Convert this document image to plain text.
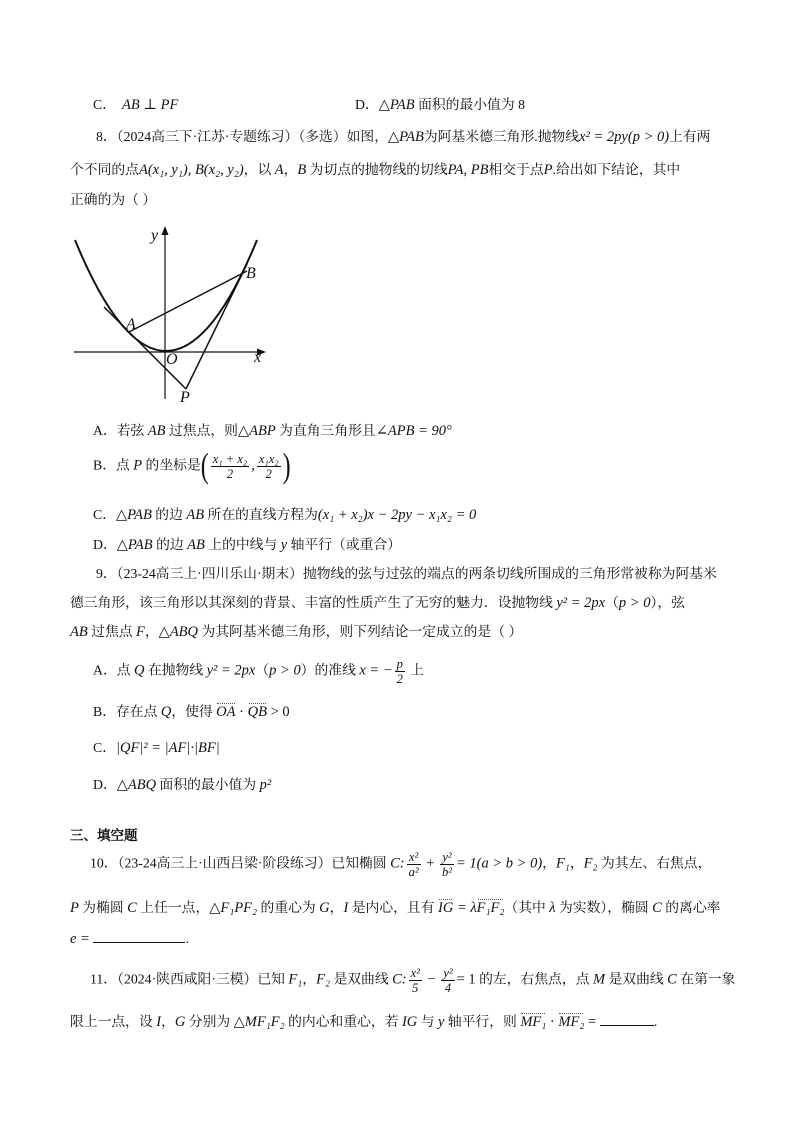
C． AB ⊥ PF	D．△PAB 面积的最小值为 8
8．（2024高三下·江苏·专题练习）（多选）如图，△PAB为阿基米德三角形.抛物线x² = 2py(p > 0)上有两
个不同的点A(x₁, y₁), B(x₂, y₂)，以 A，B 为切点的抛物线的切线PA, PB相交于点P.给出如下结论，其中
正确的为（ ）
y
x
A
B
O
P
A．若弦 AB 过焦点，则△ABP 为直角三角形且∠APB = 90°
B．点 P 的坐标是( $\frac{\text{x₁ + x₂}}{2}$ , $\frac{\text{x₁x₂}}{2}$ )
C．△PAB 的边 AB 所在的直线方程为(x₁ + x₂)x − 2py − x₁x₂ = 0
D．△PAB 的边 AB 上的中线与 y 轴平行（或重合）
9．（23-24高三上·四川乐山·期末）抛物线的弦与过弦的端点的两条切线所围成的三角形常被称为阿基米
德三角形，该三角形以其深刻的背景、丰富的性质产生了无穷的魅力．设抛物线 y² = 2px（p > 0），弦
AB 过焦点 F，△ABQ 为其阿基米德三角形，则下列结论一定成立的是（ ）
A．点 Q 在抛物线 y² = 2px（p > 0）的准线 x = − $\frac{p}{2}$ 上
B．存在点 Q，使得 OA · QB > 0
C．|QF|² = |AF|·|BF|
D．△ABQ 面积的最小值为 p²
三、填空题
10．（23-24高三上·山西吕梁·阶段练习）已知椭圆 C: $\frac{\text{x²}}{\text{a²}} + \frac{\text{y²}}{\text{b²}} = 1(a > b > 0)$，F₁，F₂ 为其左、右焦点，
P 为椭圆 C 上任一点，△F₁PF₂ 的重心为 G，I 是内心，且有 IG = λF₁F₂（其中 λ 为实数），椭圆 C 的离心率
e =	.
11．（2024·陕西咸阳·三模）已知 F₁，F₂ 是双曲线 C: $\frac{\text{x²}}{5} - \frac{\text{y²}}{4} = 1$ 的左，右焦点，点 M 是双曲线 C 在第一象
限上一点，设 I，G 分别为 △MF₁F₂ 的内心和重心，若 IG 与 y 轴平行，则 MF₁ · MF₂ =	.
